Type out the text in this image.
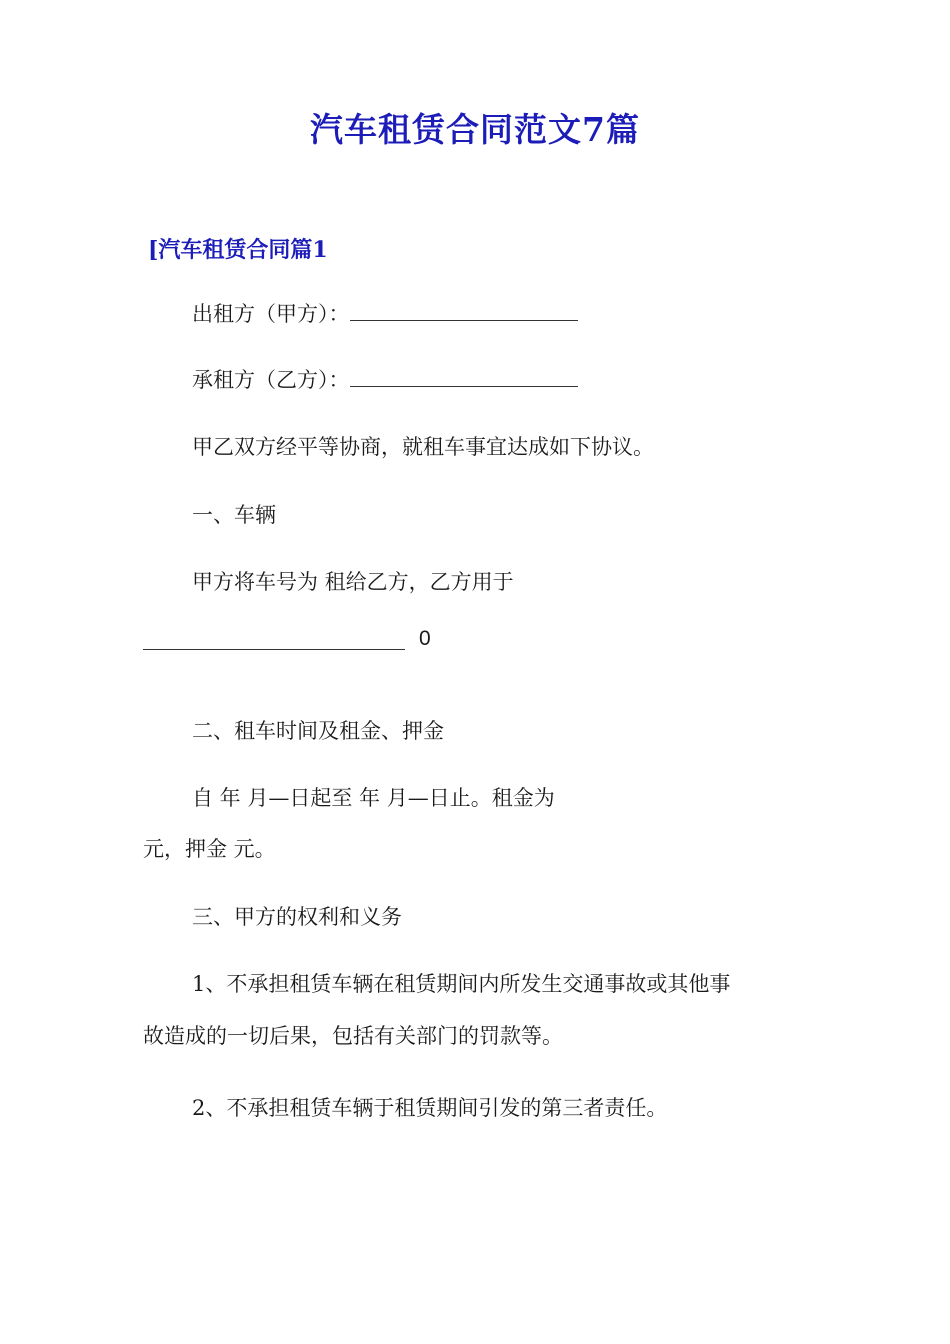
汽车租赁合同范文7篇
[汽车租赁合同篇1
出租方（甲方）：
承租方（乙方）：
甲乙双方经平等协商，就租车事宜达成如下协议。
一、车辆
甲方将车号为 租给乙方，乙方用于
0
二、租车时间及租金、押金
自 年 月—日起至 年 月—日止。租金为
元，押金 元。
三、甲方的权利和义务
1、不承担租赁车辆在租赁期间内所发生交通事故或其他事
故造成的一切后果，包括有关部门的罚款等。
2、不承担租赁车辆于租赁期间引发的第三者责任。
